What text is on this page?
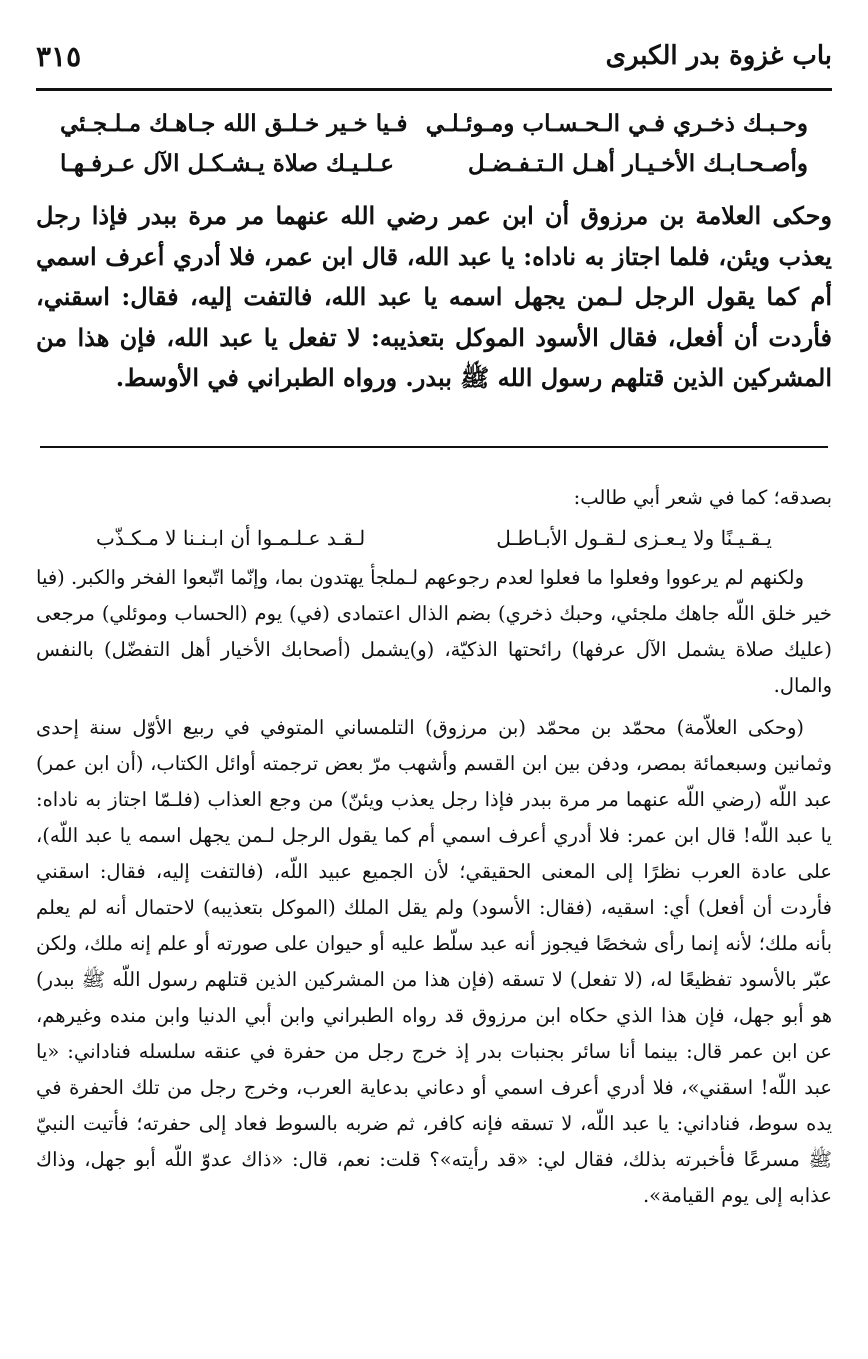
باب غزوة بدر الكبرى
٣١٥
فـيا خـير خـلـق الله جـاهـك مـلـجـئي وحـبـك ذخـري فـي الـحـسـاب ومـوئـلـي
عـلـيـك صلاة يـشـكـل الآل عـرفـهـا	وأصـحـابـك الأخـيـار أهـل الـتـفـضـل

وحكى العلامة بن مرزوق أن ابن عمر رضي الله عنهما مر مرة ببدر فإذا رجل يعذب ويئن، فلما اجتاز به ناداه: يا عبد الله، قال ابن عمر، فلا أدري أعرف اسمي أم كما يقول الرجل لـمن يجهل اسمه يا عبد الله، فالتفت إليه، فقال: اسقني، فأردت أن أفعل، فقال الأسود الموكل بتعذيبه: لا تفعل يا عبد الله، فإن هذا من المشركين الذين قتلهم رسول الله ﷺ ببدر. ورواه الطبراني في الأوسط.

بصدقه؛ كما في شعر أبي طالب:

لـقـد عـلـمـوا أن ابـنـنا لا مـكـذّب	يـقـيـنًا ولا يـعـزى لـقـول الأبـاطـل

ولكنهم لم يرعووا وفعلوا ما فعلوا لعدم رجوعهم لـملجأ يهتدون بما، وإنّما اتّبعوا الفخر والكبر. (فيا خير خلق اللّه جاهك ملجئي، وحبك ذخري) بضم الذال اعتمادى (في) يوم (الحساب وموئلي) مرجعى (عليك صلاة يشمل الآل عرفها) رائحتها الذكيّة، (و)يشمل (أصحابك الأخيار أهل التفضّل) بالنفس والمال.

(وحكى العلاّمة) محمّد بن محمّد (بن مرزوق) التلمساني المتوفي في ربيع الأوّل سنة إحدى وثمانين وسبعمائة بمصر، ودفن بين ابن القسم وأشهب مرّ بعض ترجمته أوائل الكتاب، (أن ابن عمر) عبد اللّه (رضي اللّه عنهما مر مرة ببدر فإذا رجل يعذب ويئنّ) من وجع العذاب (فلـمّا اجتاز به ناداه: يا عبد اللّه! قال ابن عمر: فلا أدري أعرف اسمي أم كما يقول الرجل لـمن يجهل اسمه يا عبد اللّه)، على عادة العرب نظرًا إلى المعنى الحقيقي؛ لأن الجميع عبيد اللّه، (فالتفت إليه، فقال: اسقني فأردت أن أفعل) أي: اسقيه، (فقال: الأسود) ولم يقل الملك (الموكل بتعذيبه) لاحتمال أنه لم يعلم بأنه ملك؛ لأنه إنما رأى شخصًا فيجوز أنه عبد سلّط عليه أو حيوان على صورته أو علم إنه ملك، ولكن عبّر بالأسود تفظيعًا له، (لا تفعل) لا تسقه (فإن هذا من المشركين الذين قتلهم رسول اللّه ﷺ ببدر) هو أبو جهل، فإن هذا الذي حكاه ابن مرزوق قد رواه الطبراني وابن أبي الدنيا وابن منده وغيرهم، عن ابن عمر قال: بينما أنا سائر بجنبات بدر إذ خرج رجل من حفرة في عنقه سلسله فناداني: «يا عبد اللّه! اسقني»، فلا أدري أعرف اسمي أو دعاني بدعاية العرب، وخرج رجل من تلك الحفرة في يده سوط، فناداني: يا عبد اللّه، لا تسقه فإنه كافر، ثم ضربه بالسوط فعاد إلى حفرته؛ فأتيت النبيّ ﷺ مسرعًا فأخبرته بذلك، فقال لي: «قد رأيته»؟ قلت: نعم، قال: «ذاك عدوّ اللّه أبو جهل، وذاك عذابه إلى يوم القيامة».
